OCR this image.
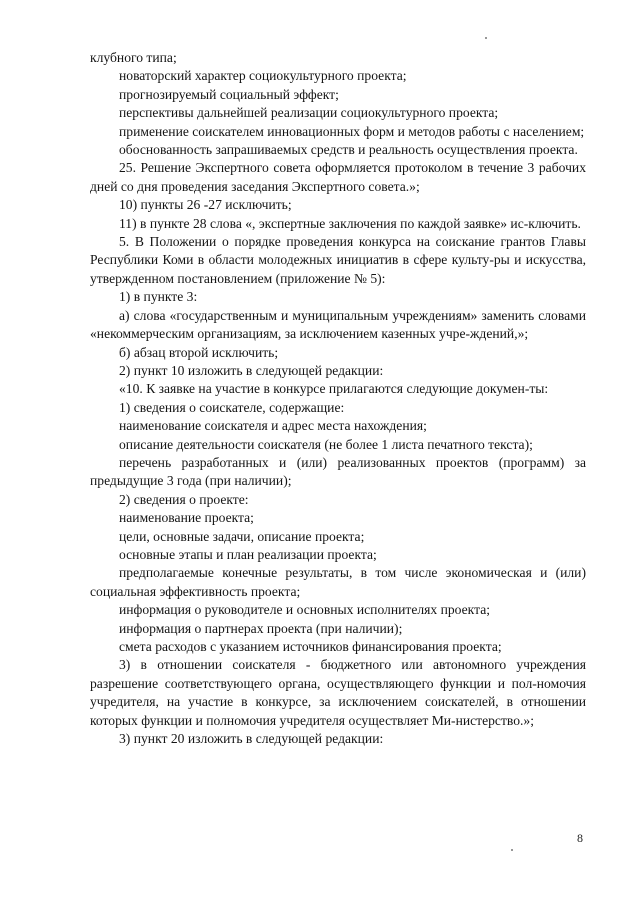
клубного типа;

новаторский характер социокультурного проекта;

прогнозируемый социальный эффект;

перспективы дальнейшей реализации социокультурного проекта;

применение соискателем инновационных форм и методов работы с населением;

обоснованность запрашиваемых средств и реальность осуществления проекта.

25. Решение Экспертного совета оформляется протоколом в течение 3 рабочих дней со дня проведения заседания Экспертного совета.»;

10) пункты 26 -27 исключить;

11) в пункте 28 слова «, экспертные заключения по каждой заявке» ис-ключить.

5. В Положении о порядке проведения конкурса на соискание грантов Главы Республики Коми в области молодежных инициатив в сфере культу-ры и искусства, утвержденном постановлением (приложение № 5):

1) в пункте 3:

а) слова «государственным и муниципальным учреждениям» заменить словами «некоммерческим организациям, за исключением казенных учре-ждений,»;

б) абзац второй исключить;

2) пункт 10 изложить в следующей редакции:

«10. К заявке на участие в конкурсе прилагаются следующие докумен-ты:

1) сведения о соискателе, содержащие:

наименование соискателя и адрес места нахождения;

описание деятельности соискателя (не более 1 листа печатного текста);

перечень разработанных и (или) реализованных проектов (программ) за предыдущие 3 года (при наличии);

2) сведения о проекте:

наименование проекта;

цели, основные задачи, описание проекта;

основные этапы и план реализации проекта;

предполагаемые конечные результаты, в том числе экономическая и (или) социальная эффективность проекта;

информация о руководителе и основных исполнителях проекта;

информация о партнерах проекта (при наличии);

смета расходов с указанием источников финансирования проекта;

3) в отношении соискателя - бюджетного или автономного учреждения разрешение соответствующего органа, осуществляющего функции и пол-номочия учредителя, на участие в конкурсе, за исключением соискателей, в отношении которых функции и полномочия учредителя осуществляет Ми-нистерство.»;

3) пункт 20 изложить в следующей редакции:

8
